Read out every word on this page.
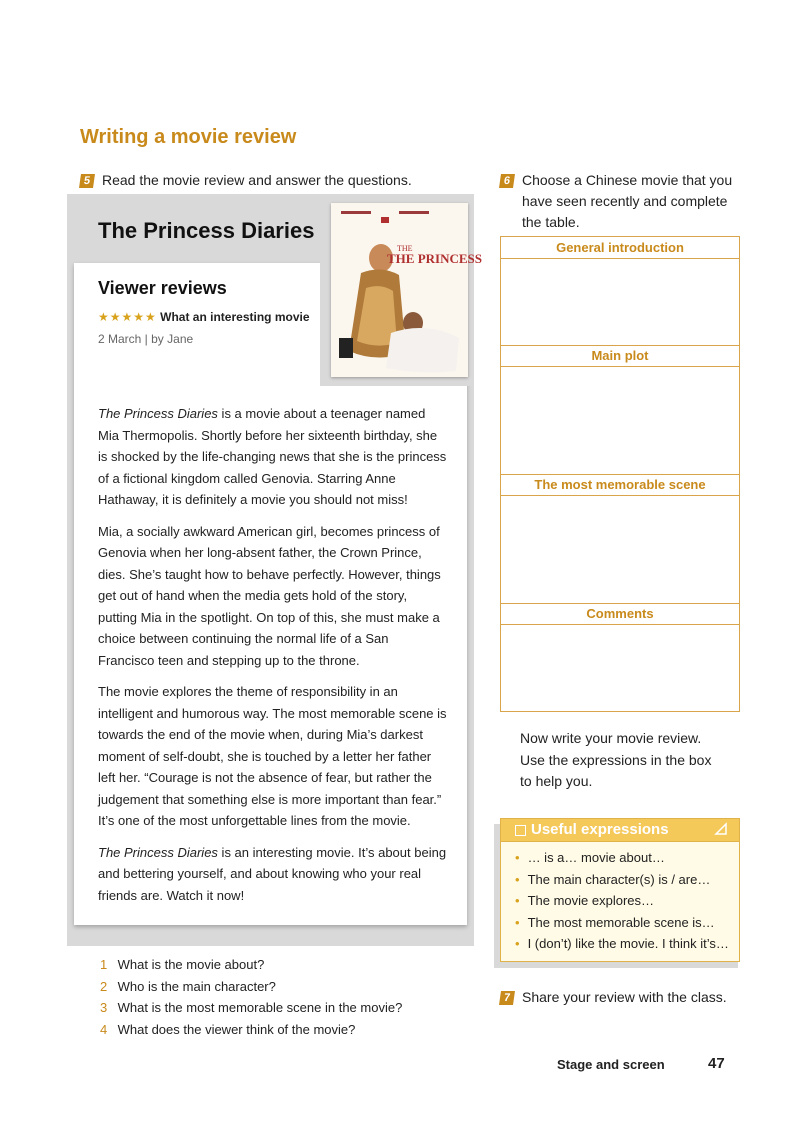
Writing a movie review
5 Read the movie review and answer the questions.
The Princess Diaries
THE
THE PRINCESS
Viewer reviews
★★★★★ What an interesting movie
2 March | by Jane

The Princess Diaries is a movie about a teenager named Mia Thermopolis. Shortly before her sixteenth birthday, she is shocked by the life-changing news that she is the princess of a fictional kingdom called Genovia. Starring Anne Hathaway, it is definitely a movie you should not miss!

Mia, a socially awkward American girl, becomes princess of Genovia when her long-absent father, the Crown Prince, dies. She’s taught how to behave perfectly. However, things get out of hand when the media gets hold of the story, putting Mia in the spotlight. On top of this, she must make a choice between continuing the normal life of a San Francisco teen and stepping up to the throne.

The movie explores the theme of responsibility in an intelligent and humorous way. The most memorable scene is towards the end of the movie when, during Mia’s darkest moment of self-doubt, she is touched by a letter her father left her. “Courage is not the absence of fear, but rather the judgement that something else is more important than fear.” It’s one of the most unforgettable lines from the movie.

The Princess Diaries is an interesting movie. It’s about being and bettering yourself, and about knowing who your real friends are. Watch it now!

1 What is the movie about?
2 Who is the main character?
3 What is the most memorable scene in the movie?
4 What does the viewer think of the movie?
6 Choose a Chinese movie that you have seen recently and complete the table.
General introduction
Main plot
The most memorable scene
Comments
Now write your movie review. Use the expressions in the box to help you.
Useful expressions
• … is a… movie about…
• The main character(s) is / are…
• The movie explores…
• The most memorable scene is…
• I (don’t) like the movie. I think it’s…
7 Share your review with the class.
Stage and screen	47
